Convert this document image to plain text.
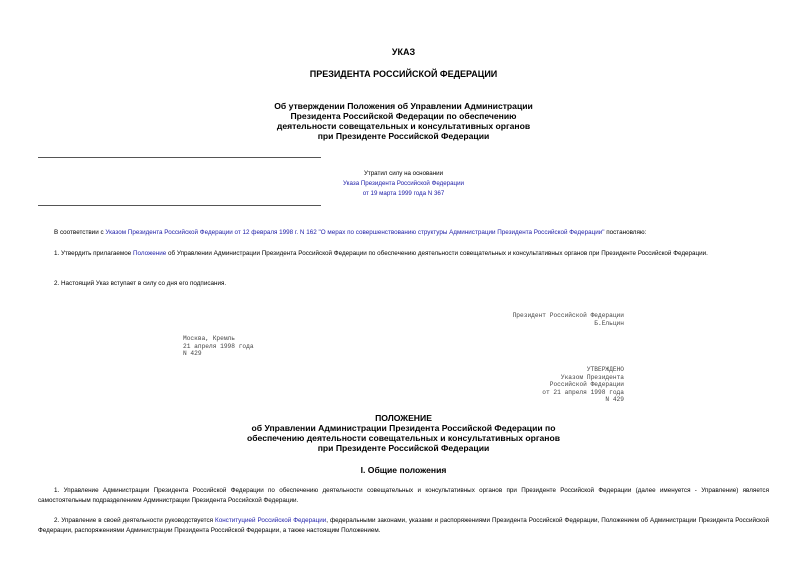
УКАЗ
ПРЕЗИДЕНТА РОССИЙСКОЙ ФЕДЕРАЦИИ
Об утверждении Положения об Управлении Администрации
Президента Российской Федерации по обеспечению
деятельности совещательных и консультативных органов
при Президенте Российской Федерации
Утратил силу на основании
Указа Президента Российской Федерации
от 19 марта 1999 года N 367
В соответствии с Указом Президента Российской Федерации от 12 февраля 1998 г. N 162 "О мерах по совершенствованию структуры Администрации Президента Российской Федерации" постановляю:
1. Утвердить прилагаемое Положение об Управлении Администрации Президента Российской Федерации по обеспечению деятельности совещательных и консультативных органов при Президенте Российской Федерации.
2. Настоящий Указ вступает в силу со дня его подписания.
Президент Российской Федерации
Б.Ельцин
Москва, Кремль
21 апреля 1998 года
N 429
УТВЕРЖДЕНО
Указом Президента
Российской Федерации
от 21 апреля 1998 года
N 429
ПОЛОЖЕНИЕ
об Управлении Администрации Президента Российской Федерации по
обеспечению деятельности совещательных и консультативных органов
при Президенте Российской Федерации
I. Общие положения
1. Управление Администрации Президента Российской Федерации по обеспечению деятельности совещательных и консультативных органов при Президенте Российской Федерации (далее именуется - Управление) является самостоятельным подразделением Администрации Президента Российской Федерации.
2. Управление в своей деятельности руководствуется Конституцией Российской Федерации, федеральными законами, указами и распоряжениями Президента Российской Федерации, Положением об Администрации Президента Российской Федерации, распоряжениями Администрации Президента Российской Федерации, а также настоящим Положением.
